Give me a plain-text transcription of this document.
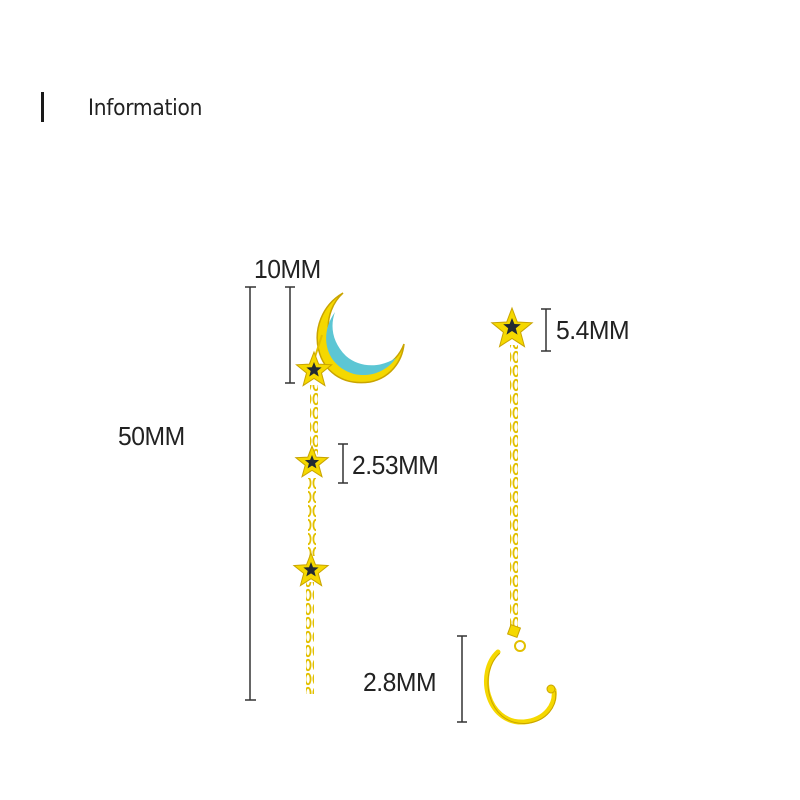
Information
10MM
50MM
2.53MM
5.4MM
2.8MM
